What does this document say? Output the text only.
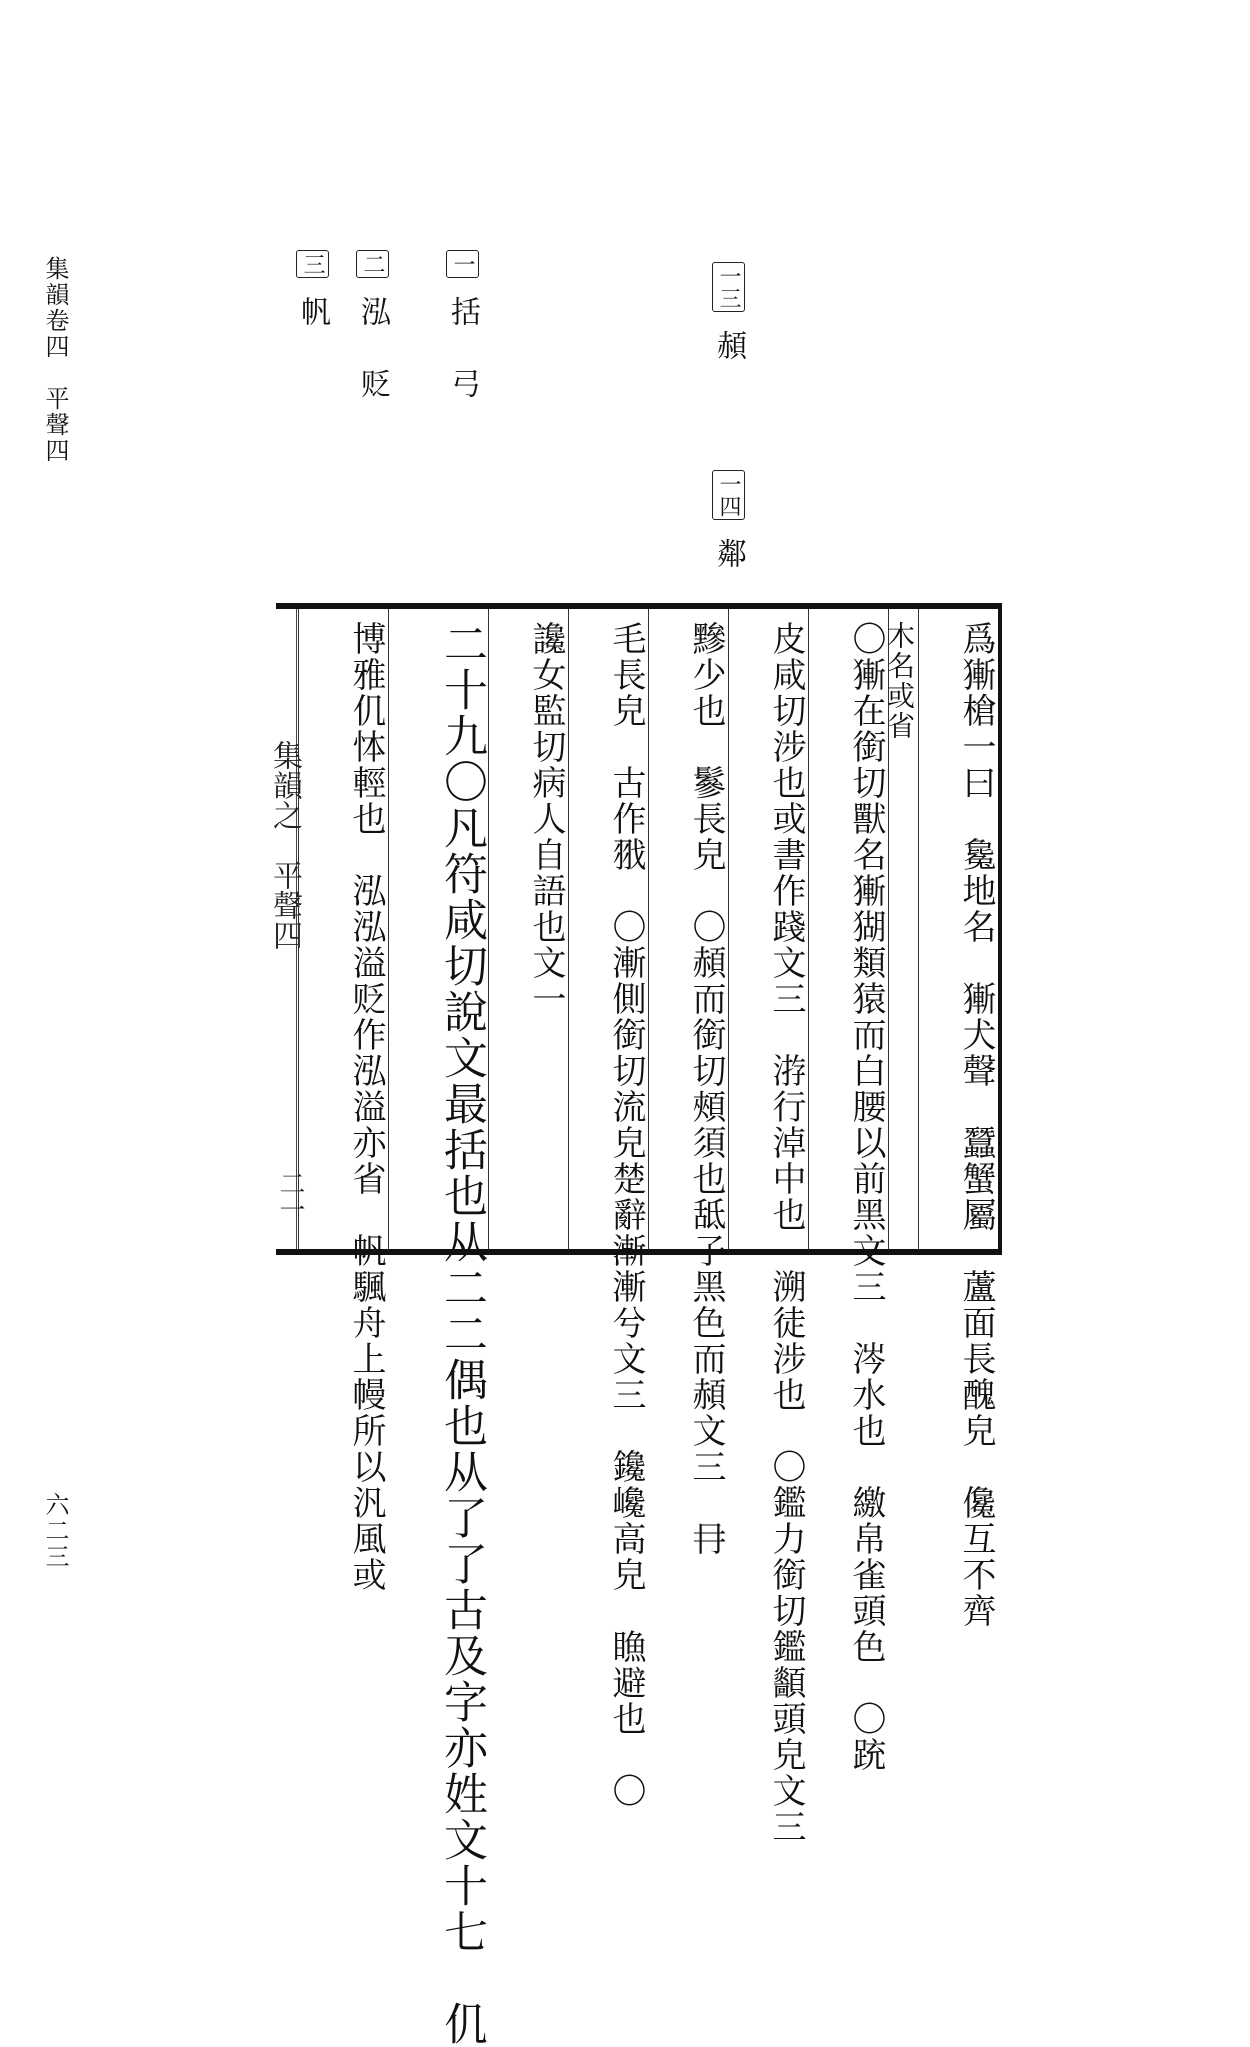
集韻卷四　平聲四
六二三
一三頳
一四鄰
一括　弓
二泓　贬
三帆
集韻之　平聲四
二一	爲獑槍一曰　毚地名　獑犬聲　蠶蟹屬　蘆面長醜皃　儳互不齊
木名或省
〇獑在銜切獸名獑猢類猿而白腰以前黑文三　涔水也　繳帛雀頭色　〇䟲
皮咸切涉也或書作踐文三　㳺行淖中也　溯徒涉也　〇鑑力銜切鑑顲頭皃文三
黲少也　鬖長皃　〇頳而銜切頰須也䑛子黑色而頳文三　冄
毛長皃　古作𦐂　〇漸側銜切流皃楚辭漸漸兮文三　鑱巉高皃　䁩避也　〇
讒女監切病人自語也文一
二十九〇凡符咸切說文最括也从二二偶也从了了古及字亦姓文十七　仉
博雅仉㤓輕也　泓泓溢贬作泓溢亦省　帆颿舟上幔所以汎風或
